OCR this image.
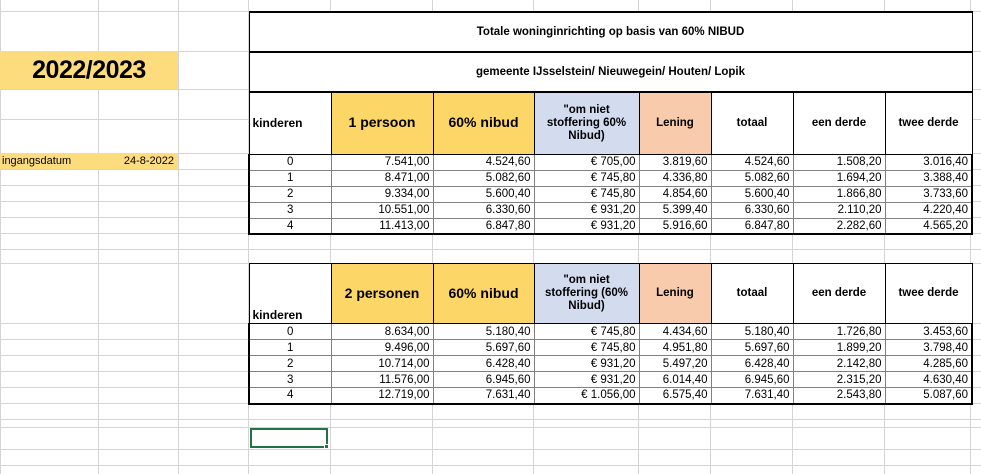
2022/2023
ingangsdatum	24-8-2022
Totale woninginrichting op basis van 60% NIBUD							
gemeente IJsselstein/ Nieuwegein/ Houten/ Lopik							
kinderen	1 persoon	60% nibud	"om niet stoffering 60% Nibud)	Lening	totaal	een derde	twee derde
0	7.541,00	4.524,60	€ 705,00	3.819,60	4.524,60	1.508,20	3.016,40
1	8.471,00	5.082,60	€ 745,80	4.336,80	5.082,60	1.694,20	3.388,40
2	9.334,00	5.600,40	€ 745,80	4.854,60	5.600,40	1.866,80	3.733,60
3	10.551,00	6.330,60	€ 931,20	5.399,40	6.330,60	2.110,20	4.220,40
4	11.413,00	6.847,80	€ 931,20	5.916,60	6.847,80	2.282,60	4.565,20
kinderen	2 personen	60% nibud	"om niet stoffering (60% Nibud)	Lening	totaal	een derde	twee derde
0	8.634,00	5.180,40	€ 745,80	4.434,60	5.180,40	1.726,80	3.453,60
1	9.496,00	5.697,60	€ 745,80	4.951,80	5.697,60	1.899,20	3.798,40
2	10.714,00	6.428,40	€ 931,20	5.497,20	6.428,40	2.142,80	4.285,60
3	11.576,00	6.945,60	€ 931,20	6.014,40	6.945,60	2.315,20	4.630,40
4	12.719,00	7.631,40	€ 1.056,00	6.575,40	7.631,40	2.543,80	5.087,60
